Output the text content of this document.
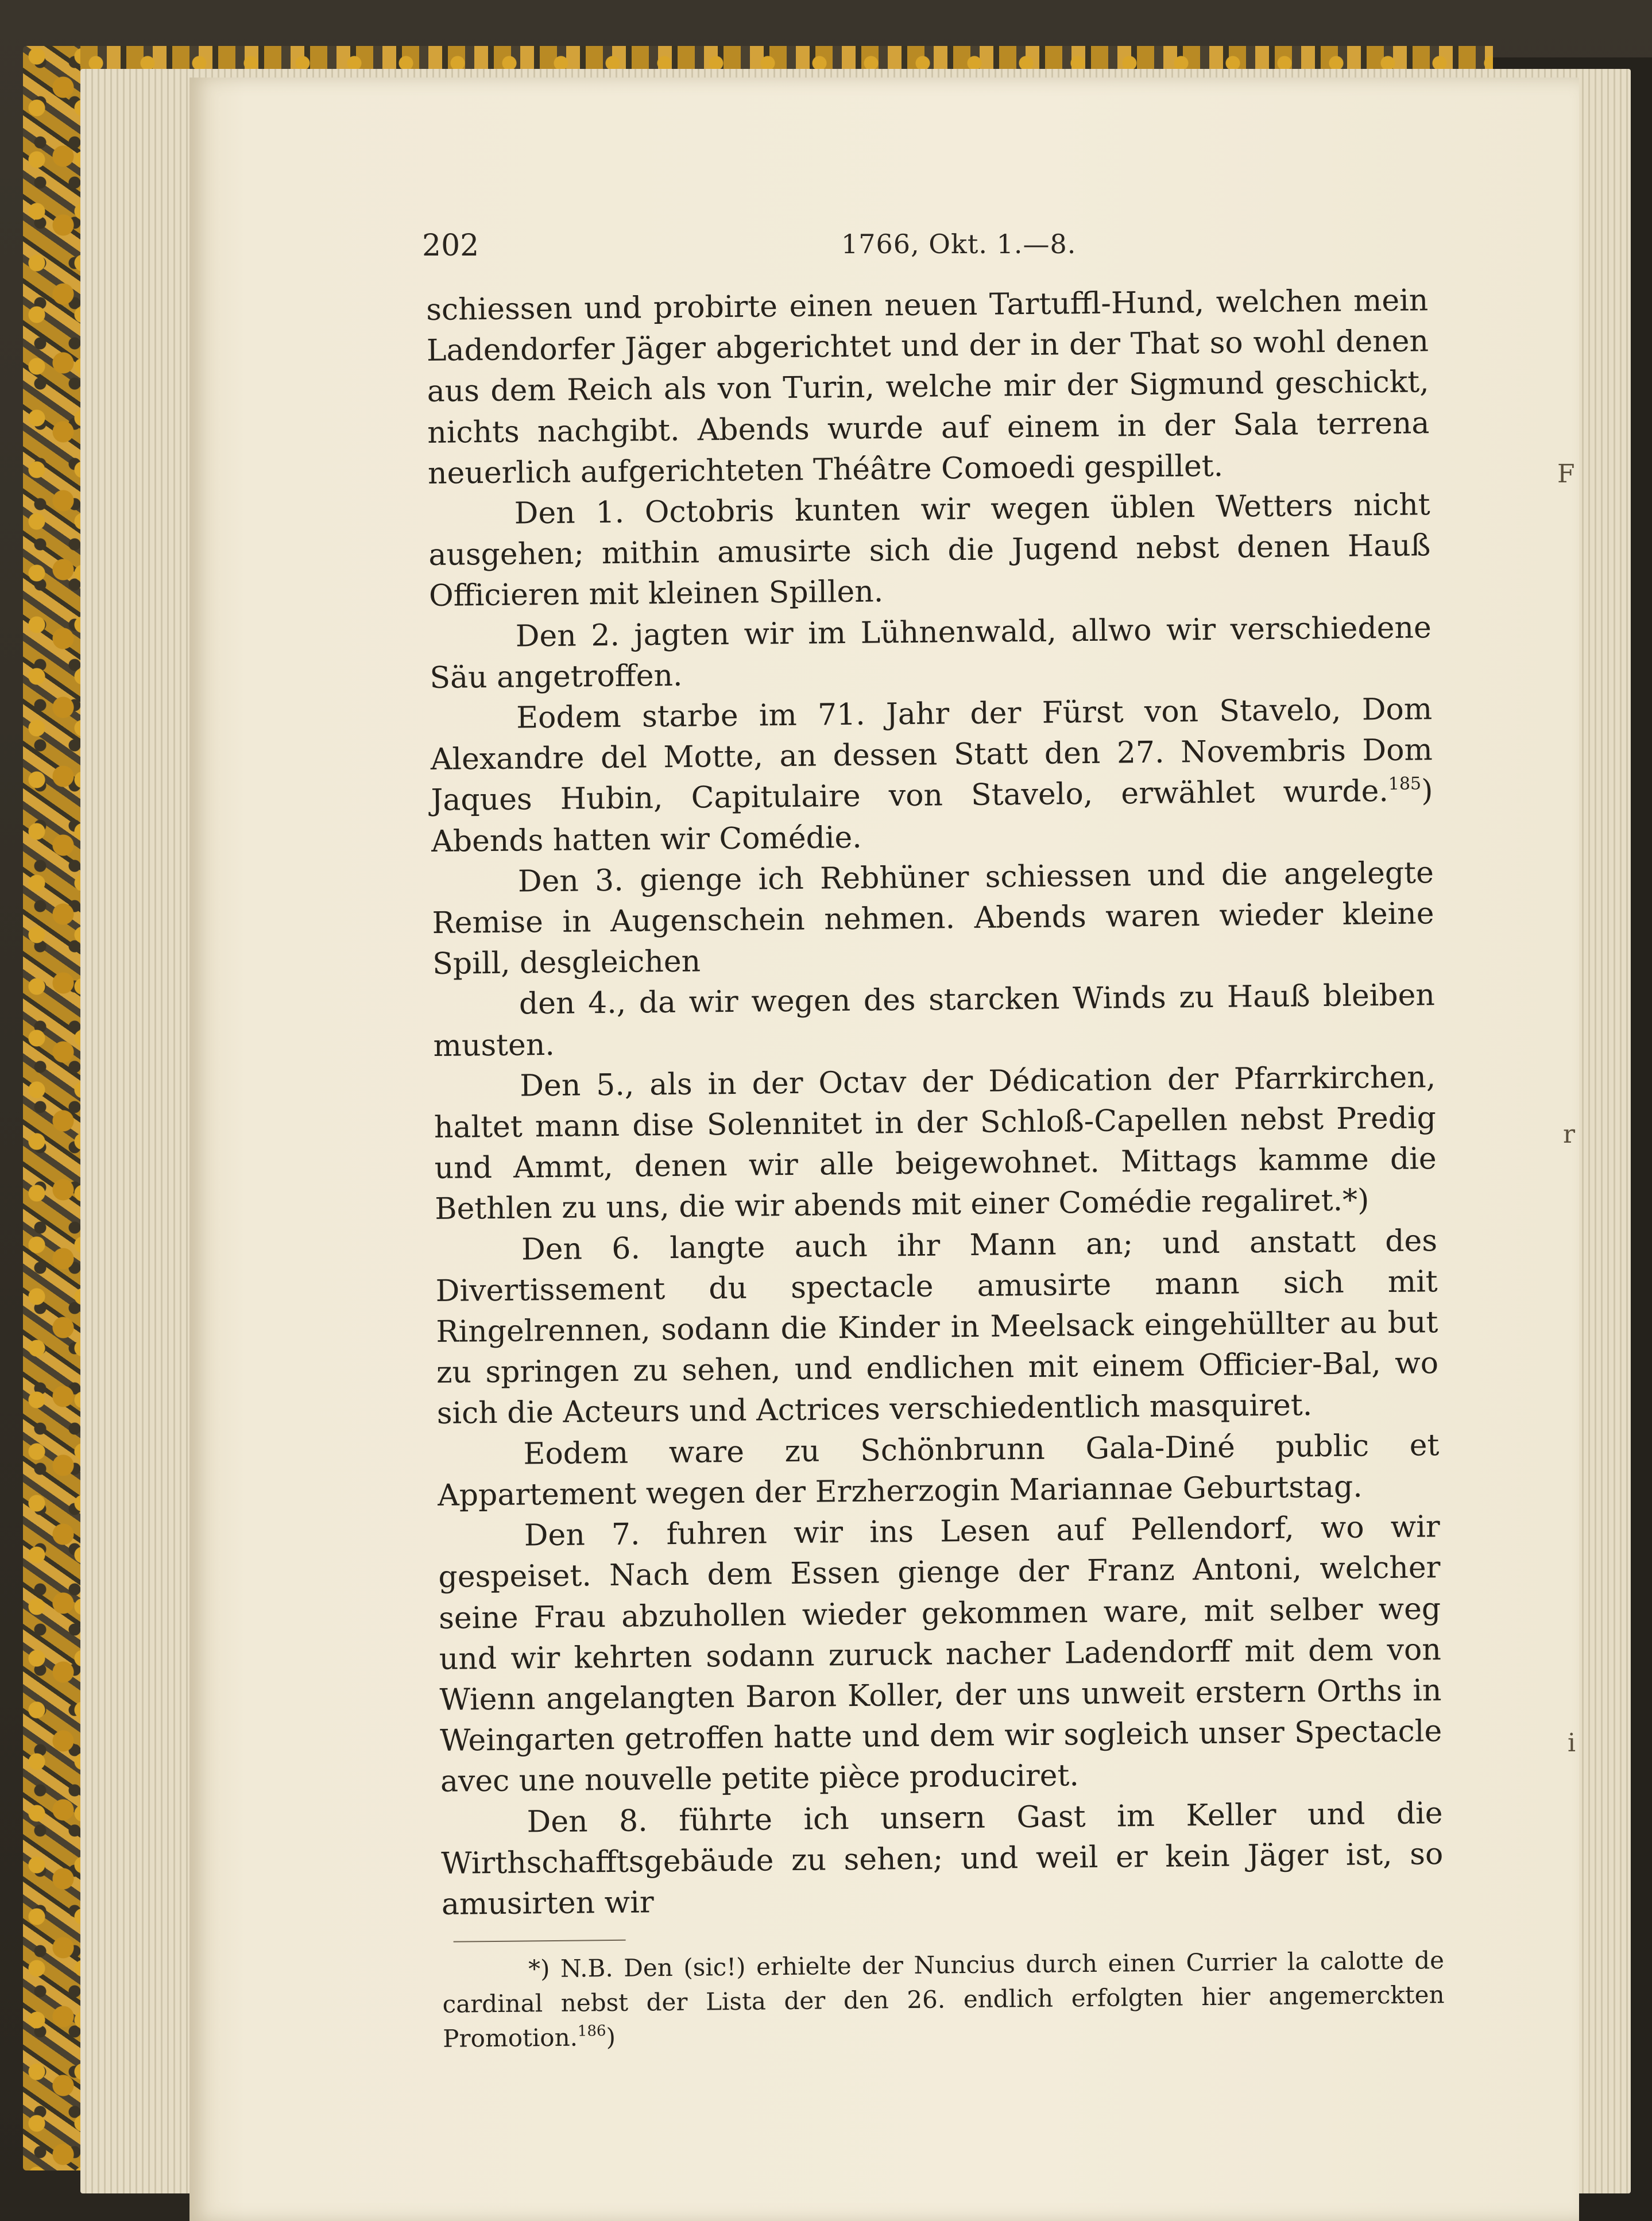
202	1766, Okt. 1.—8.

schiessen und probirte einen neuen Tartuffl-Hund, welchen mein Ladendorfer Jäger abgerichtet und der in der That so wohl denen aus dem Reich als von Turin, welche mir der Sigmund geschickt, nichts nachgibt. Abends wurde auf einem in der Sala terrena neuerlich aufgerichteten Théâtre Comoedi gespillet.

Den 1. Octobris kunten wir wegen üblen Wetters nicht ausgehen; mithin amusirte sich die Jugend nebst denen Hauß Officieren mit kleinen Spillen.

Den 2. jagten wir im Lühnenwald, allwo wir verschiedene Säu angetroffen.

Eodem starbe im 71. Jahr der Fürst von Stavelo, Dom Alexandre del Motte, an dessen Statt den 27. Novembris Dom Jaques Hubin, Capitulaire von Stavelo, erwählet wurde.$^{185}$) Abends hatten wir Comédie.

Den 3. gienge ich Rebhüner schiessen und die angelegte Remise in Augenschein nehmen. Abends waren wieder kleine Spill, desgleichen

den 4., da wir wegen des starcken Winds zu Hauß bleiben musten.

Den 5., als in der Octav der Dédication der Pfarrkirchen, haltet mann dise Solennitet in der Schloß-Capellen nebst Predig und Ammt, denen wir alle beigewohnet. Mittags kamme die Bethlen zu uns, die wir abends mit einer Comédie regaliret.*)

Den 6. langte auch ihr Mann an; und anstatt des Divertissement du spectacle amusirte mann sich mit Ringelrennen, sodann die Kinder in Meelsack eingehüllter au but zu springen zu sehen, und endlichen mit einem Officier-Bal, wo sich die Acteurs und Actrices verschiedentlich masquiret.

Eodem ware zu Schönbrunn Gala-Diné public et Appartement wegen der Erzherzogin Mariannae Geburtstag.

Den 7. fuhren wir ins Lesen auf Pellendorf, wo wir gespeiset. Nach dem Essen gienge der Franz Antoni, welcher seine Frau abzuhollen wieder gekommen ware, mit selber weg und wir kehrten sodann zuruck nacher Ladendorff mit dem von Wienn angelangten Baron Koller, der uns unweit erstern Orths in Weingarten getroffen hatte und dem wir sogleich unser Spectacle avec une nouvelle petite pièce produciret.

Den 8. führte ich unsern Gast im Keller und die Wirthschafftsgebäude zu sehen; und weil er kein Jäger ist, so amusirten wir

*) N.B. Den (sic!) erhielte der Nuncius durch einen Currier la calotte de cardinal nebst der Lista der den 26. endlich erfolgten hier angemerckten Promotion.$^{186}$)

F
r
i
